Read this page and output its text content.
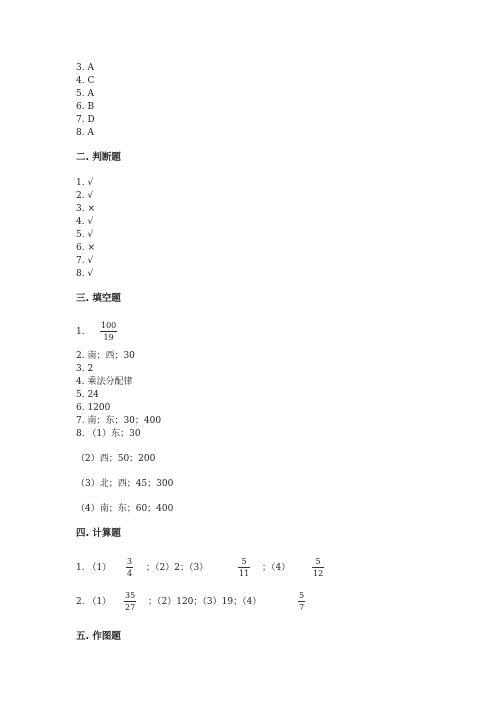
3. A
4. C
5. A
6. B
7. D
8. A
二. 判断题
1. √
2. √
3. ×
4. √
5. √
6. ×
7. √
8. √
三. 填空题
1.
100
19
2. 南；西；30
3. 2
4. 乘法分配律
5. 24
6. 1200
7. 南；东；30；400
8. （1）东；30
（2）西；50；200
（3）北；西；45；300
（4）南；东；60；400
四. 计算题
1. （1）
3
4
；（2）2；（3）
5
11
；（4）
5
12
2. （1）
35
27
；（2）120；（3）19；（4）
5
7
五. 作图题
